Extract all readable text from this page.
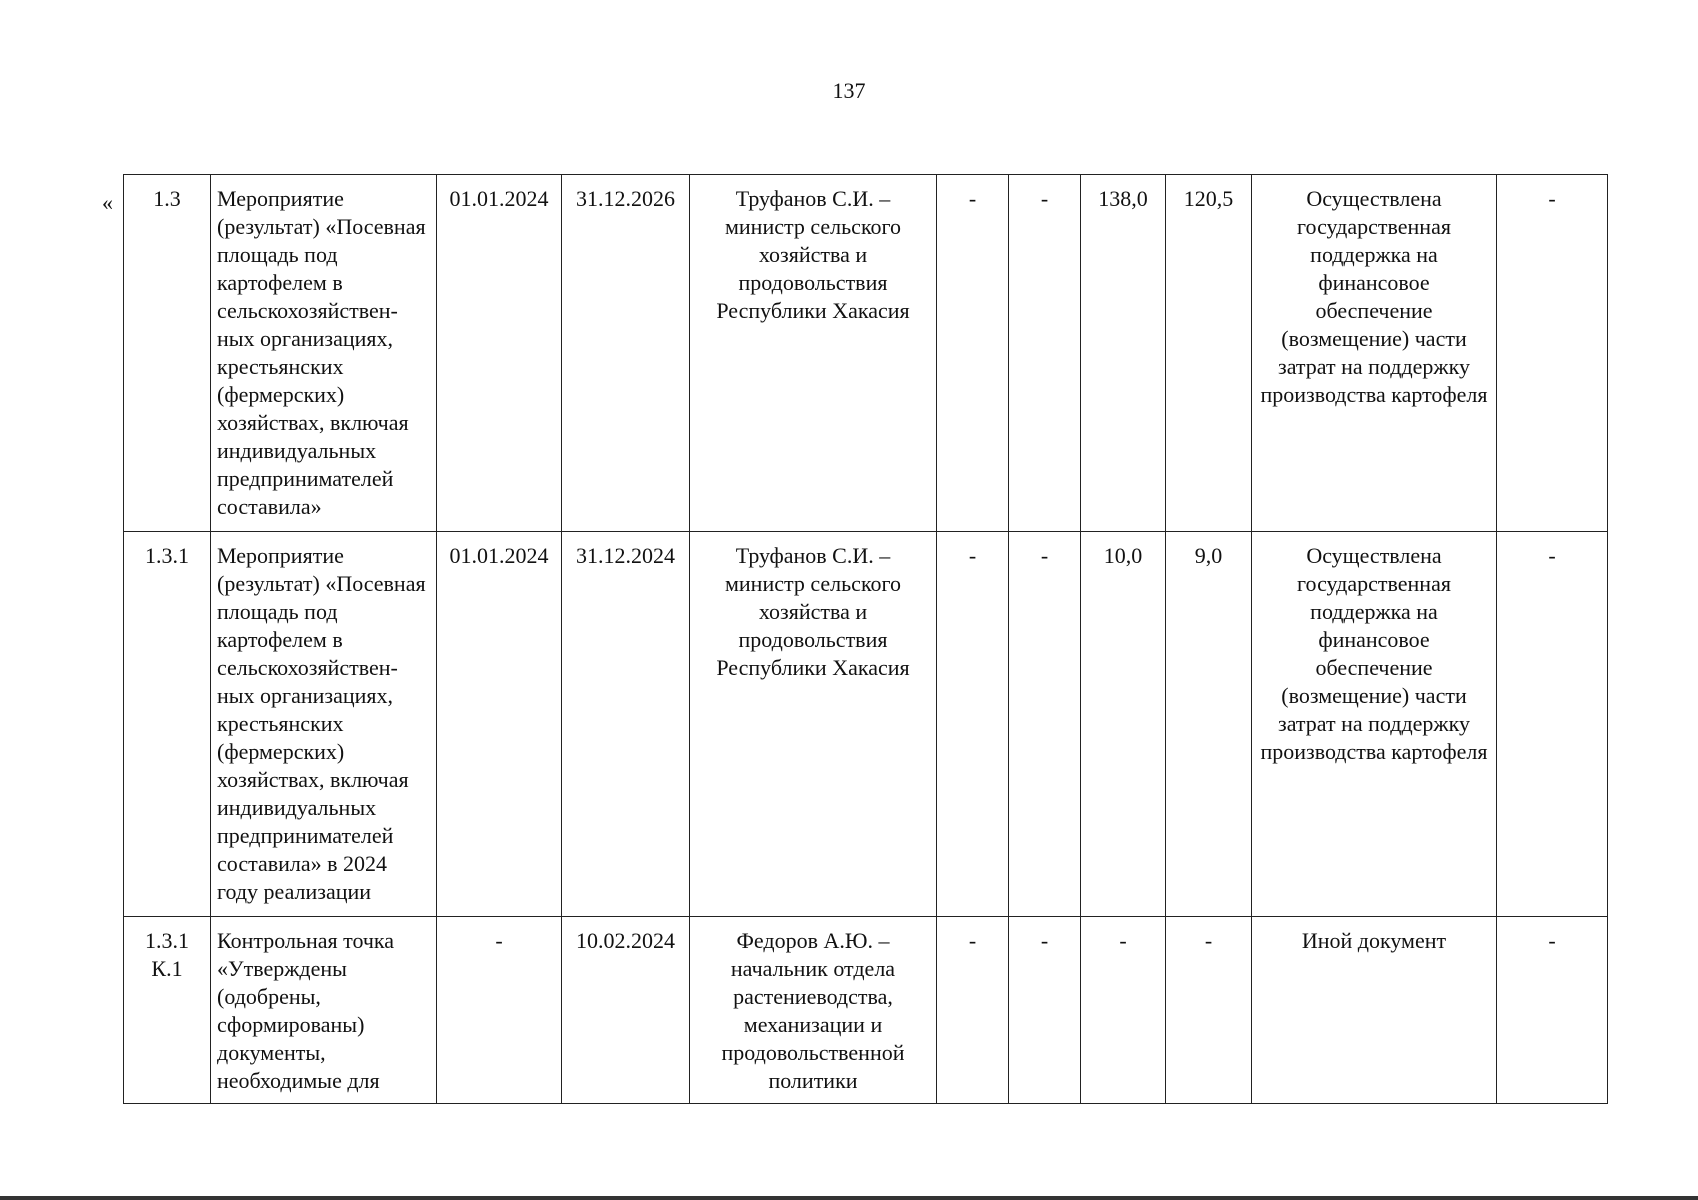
137
« 1.3	Мероприятие (результат) «Посевная площадь под картофелем в сельскохозяйствен-ных организациях, крестьянских (фермерских) хозяйствах, включая индивидуальных предпринимателей составила»	01.01.2024	31.12.2026	Труфанов С.И. – министр сельского хозяйства и продовольствия Республики Хакасия	-	-	138,0	120,5	Осуществлена государственная поддержка на финансовое обеспечение (возмещение) части затрат на поддержку производства картофеля	-
1.3.1	Мероприятие (результат) «Посевная площадь под картофелем в сельскохозяйствен-ных организациях, крестьянских (фермерских) хозяйствах, включая индивидуальных предпринимателей составила» в 2024 году реализации	01.01.2024	31.12.2024	Труфанов С.И. – министр сельского хозяйства и продовольствия Республики Хакасия	-	-	10,0	9,0	Осуществлена государственная поддержка на финансовое обеспечение (возмещение) части затрат на поддержку производства картофеля	-
1.3.1 К.1	Контрольная точка «Утверждены (одобрены, сформированы) документы, необходимые для	-	10.02.2024	Федоров А.Ю. – начальник отдела растениеводства, механизации и продовольственной политики	-	-	-	-	Иной документ	-
